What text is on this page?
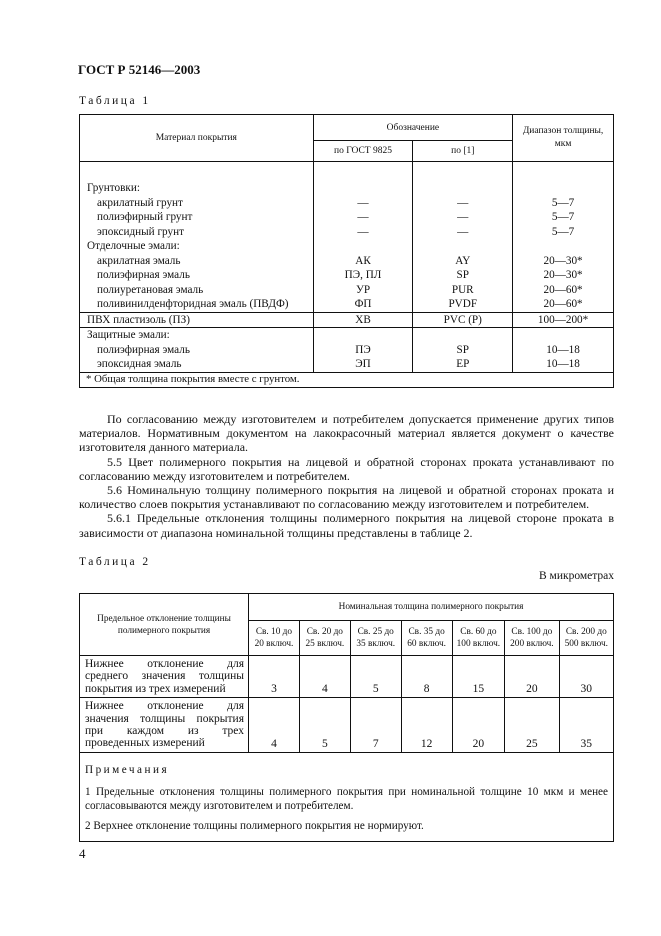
ГОСТ Р 52146—2003
Таблица 1
Материал покрытия	Обозначение		Диапазон толщины, мкм
	по ГОСТ 9825	по [1]	
Грунтовки:			
акрилатный грунт	—	—	5—7
полиэфирный грунт	—	—	5—7
эпоксидный грунт	—	—	5—7
Отделочные эмали:			
акрилатная эмаль	АК	AY	20—30*
полиэфирная эмаль	ПЭ, ПЛ	SP	20—30*
полиуретановая эмаль	УР	PUR	20—60*
поливинилденфторидная эмаль (ПВДФ)	ФП	PVDF	20—60*
ПВХ пластизоль (ПЗ)	ХВ	PVC (P)	100—200*
Защитные эмали:			
полиэфирная эмаль	ПЭ	SP	10—18
эпоксидная эмаль	ЭП	EP	10—18
* Общая толщина покрытия вместе с грунтом.			
По согласованию между изготовителем и потребителем допускается применение других типов материалов. Нормативным документом на лакокрасочный материал является документ о качестве изготовителя данного материала.
5.5 Цвет полимерного покрытия на лицевой и обратной сторонах проката устанавливают по согласованию между изготовителем и потребителем.
5.6 Номинальную толщину полимерного покрытия на лицевой и обратной сторонах проката и количество слоев покрытия устанавливают по согласованию между изготовителем и потребителем.
5.6.1 Предельные отклонения толщины полимерного покрытия на лицевой стороне проката в зависимости от диапазона номинальной толщины представлены в таблице 2.
Таблица 2
В микрометрах
Предельное отклонение толщины полимерного покрытия	Номинальная толщина полимерного покрытия						
	Св. 10 до 20 включ.	Св. 20 до 25 включ.	Св. 25 до 35 включ.	Св. 35 до 60 включ.	Св. 60 до 100 включ.	Св. 100 до 200 включ.	Св. 200 до 500 включ.
Нижнее отклонение для среднего значения толщины покрытия из трех измерений	3	4	5	8	15	20	30
Нижнее отклонение для значения толщины покрытия при каждом из трех проведенных измерений	4	5	7	12	20	25	35

Примечания
1 Предельные отклонения толщины полимерного покрытия при номинальной толщине 10 мкм и менее согласовываются между изготовителем и потребителем.
2 Верхнее отклонение толщины полимерного покрытия не нормируют.							
4
